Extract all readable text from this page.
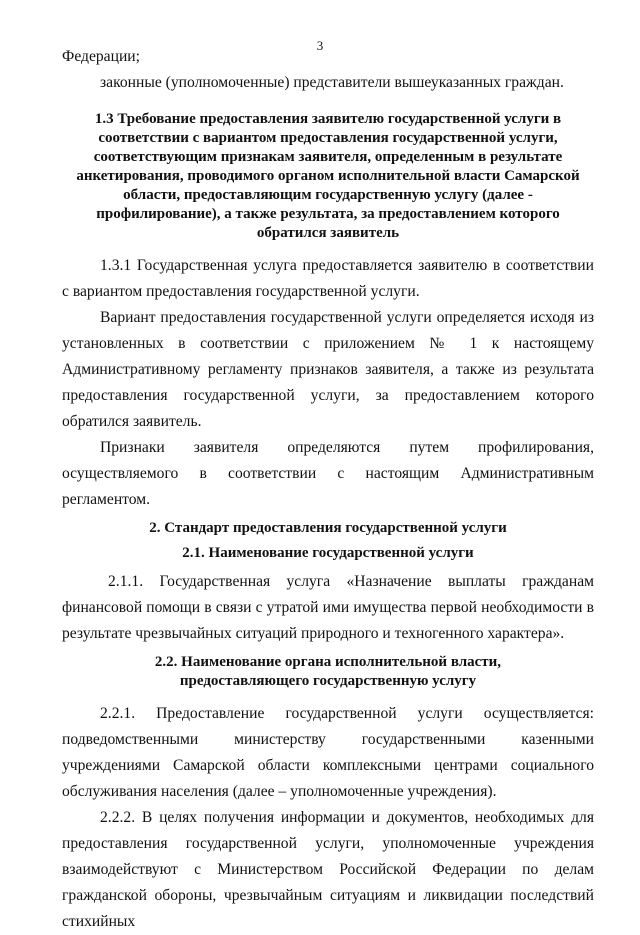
3

Федерации;

законные (уполномоченные) представители вышеуказанных граждан.

1.3 Требование предоставления заявителю государственной услуги в соответствии с вариантом предоставления государственной услуги, соответствующим признакам заявителя, определенным в результате анкетирования, проводимого органом исполнительной власти Самарской области, предоставляющим государственную услугу (далее - профилирование), а также результата, за предоставлением которого обратился заявитель

1.3.1 Государственная услуга предоставляется заявителю в соответствии с вариантом предоставления государственной услуги.

Вариант предоставления государственной услуги определяется исходя из установленных в соответствии с приложением № 1 к настоящему Административному регламенту признаков заявителя, а также из результата предоставления государственной услуги, за предоставлением которого обратился заявитель.

Признаки заявителя определяются путем профилирования, осуществляемого в соответствии с настоящим Административным регламентом.

2. Стандарт предоставления государственной услуги

2.1. Наименование государственной услуги

2.1.1. Государственная услуга «Назначение выплаты гражданам финансовой помощи в связи с утратой ими имущества первой необходимости в результате чрезвычайных ситуаций природного и техногенного характера».

2.2. Наименование органа исполнительной власти,

предоставляющего государственную услугу

2.2.1. Предоставление государственной услуги осуществляется: подведомственными министерству государственными казенными учреждениями Самарской области комплексными центрами социального обслуживания населения (далее – уполномоченные учреждения).

2.2.2. В целях получения информации и документов, необходимых для предоставления государственной услуги, уполномоченные учреждения взаимодействуют с Министерством Российской Федерации по делам гражданской обороны, чрезвычайным ситуациям и ликвидации последствий стихийных
